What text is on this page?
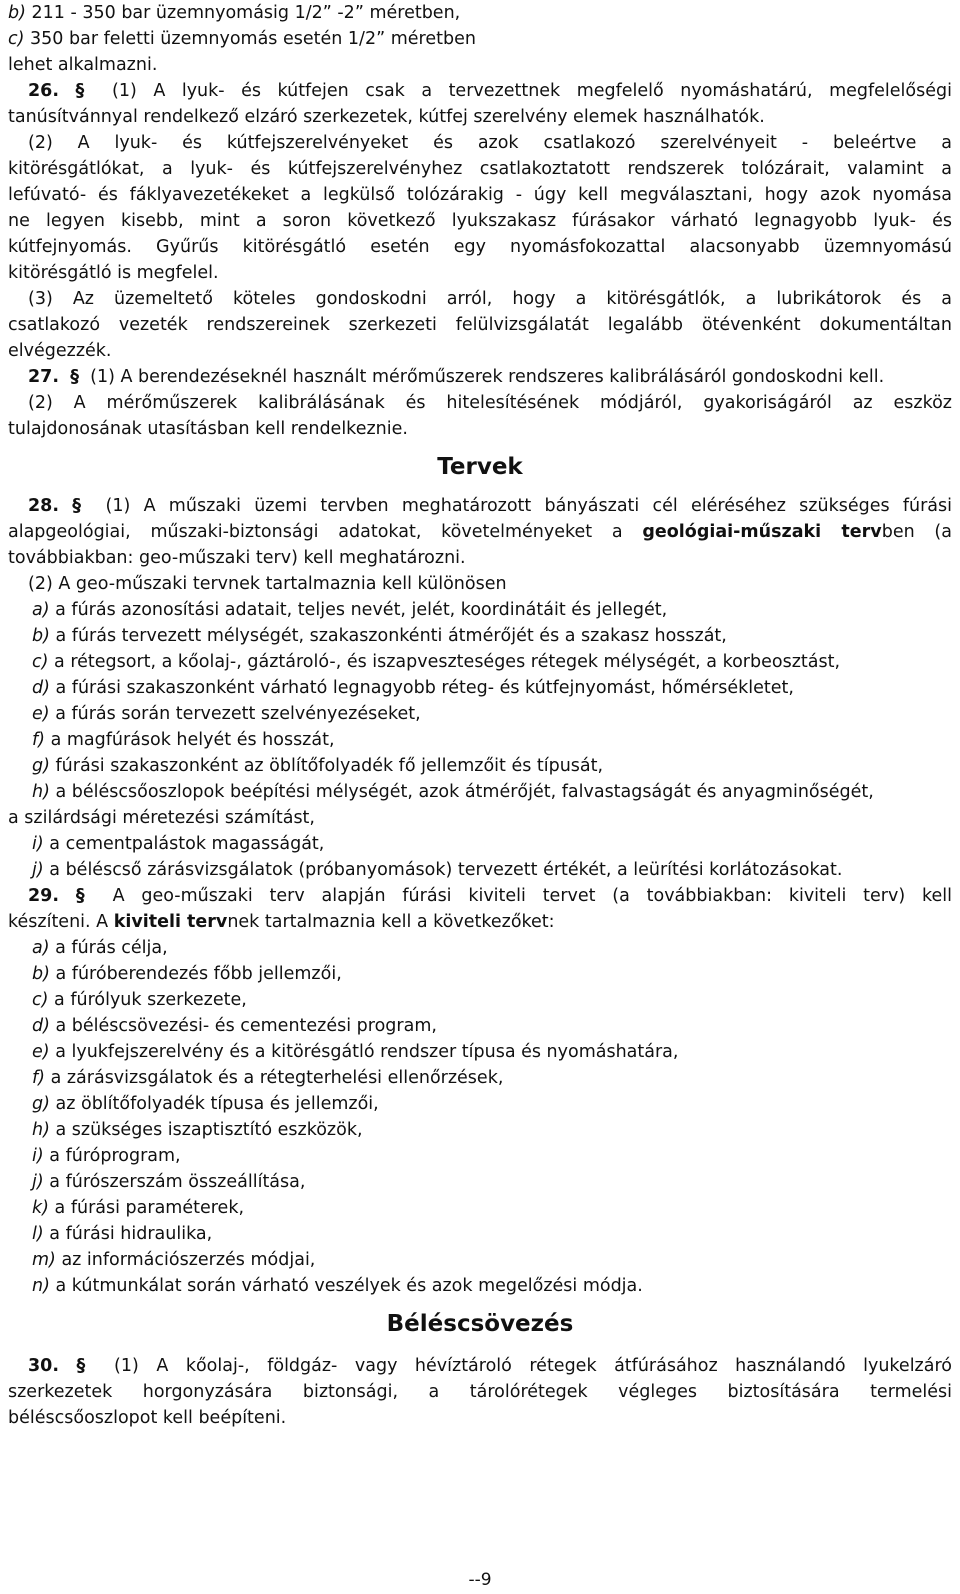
b) 211 - 350 bar üzemnyomásig 1/2” -2” méretben,
c) 350 bar feletti üzemnyomás esetén 1/2” méretben
lehet alkalmazni.
26. § (1) A lyuk- és kútfejen csak a tervezettnek megfelelő nyomáshatárú, megfelelőségi
tanúsítvánnyal rendelkező elzáró szerkezetek, kútfej szerelvény elemek használhatók.
(2) A lyuk- és kútfejszerelvényeket és azok csatlakozó szerelvényeit - beleértve a
kitörésgátlókat, a lyuk- és kútfejszerelvényhez csatlakoztatott rendszerek tolózárait, valamint a
lefúvató- és fáklyavezetékeket a legkülső tolózárakig - úgy kell megválasztani, hogy azok nyomása
ne legyen kisebb, mint a soron következő lyukszakasz fúrásakor várható legnagyobb lyuk- és
kútfejnyomás. Gyűrűs kitörésgátló esetén egy nyomásfokozattal alacsonyabb üzemnyomású
kitörésgátló is megfelel.
(3) Az üzemeltető köteles gondoskodni arról, hogy a kitörésgátlók, a lubrikátorok és a
csatlakozó vezeték rendszereinek szerkezeti felülvizsgálatát legalább ötévenként dokumentáltan
elvégezzék.
27. § (1) A berendezéseknél használt mérőműszerek rendszeres kalibrálásáról gondoskodni kell.
(2) A mérőműszerek kalibrálásának és hitelesítésének módjáról, gyakoriságáról az eszköz
tulajdonosának utasításban kell rendelkeznie.
Tervek
28. § (1) A műszaki üzemi tervben meghatározott bányászati cél eléréséhez szükséges fúrási
alapgeológiai, műszaki-biztonsági adatokat, követelményeket a geológiai-műszaki tervben (a
továbbiakban: geo-műszaki terv) kell meghatározni.
(2) A geo-műszaki tervnek tartalmaznia kell különösen
a) a fúrás azonosítási adatait, teljes nevét, jelét, koordinátáit és jellegét,
b) a fúrás tervezett mélységét, szakaszonkénti átmérőjét és a szakasz hosszát,
c) a rétegsort, a kőolaj-, gáztároló-, és iszapveszteséges rétegek mélységét, a korbeosztást,
d) a fúrási szakaszonként várható legnagyobb réteg- és kútfejnyomást, hőmérsékletet,
e) a fúrás során tervezett szelvényezéseket,
f) a magfúrások helyét és hosszát,
g) fúrási szakaszonként az öblítőfolyadék fő jellemzőit és típusát,
h) a béléscsőoszlopok beépítési mélységét, azok átmérőjét, falvastagságát és anyagminőségét,
a szilárdsági méretezési számítást,
i) a cementpalástok magasságát,
j) a béléscső zárásvizsgálatok (próbanyomások) tervezett értékét, a leürítési korlátozásokat.
29. § A geo-műszaki terv alapján fúrási kiviteli tervet (a továbbiakban: kiviteli terv) kell
készíteni. A kiviteli tervnek tartalmaznia kell a következőket:
a) a fúrás célja,
b) a fúróberendezés főbb jellemzői,
c) a fúrólyuk szerkezete,
d) a béléscsövezési- és cementezési program,
e) a lyukfejszerelvény és a kitörésgátló rendszer típusa és nyomáshatára,
f) a zárásvizsgálatok és a rétegterhelési ellenőrzések,
g) az öblítőfolyadék típusa és jellemzői,
h) a szükséges iszaptisztító eszközök,
i) a fúróprogram,
j) a fúrószerszám összeállítása,
k) a fúrási paraméterek,
l) a fúrási hidraulika,
m) az információszerzés módjai,
n) a kútmunkálat során várható veszélyek és azok megelőzési módja.
Béléscsövezés
30. § (1) A kőolaj-, földgáz- vagy hévíztároló rétegek átfúrásához használandó lyukelzáró
szerkezetek horgonyzására biztonsági, a tárolórétegek végleges biztosítására termelési
béléscsőoszlopot kell beépíteni.
--9
